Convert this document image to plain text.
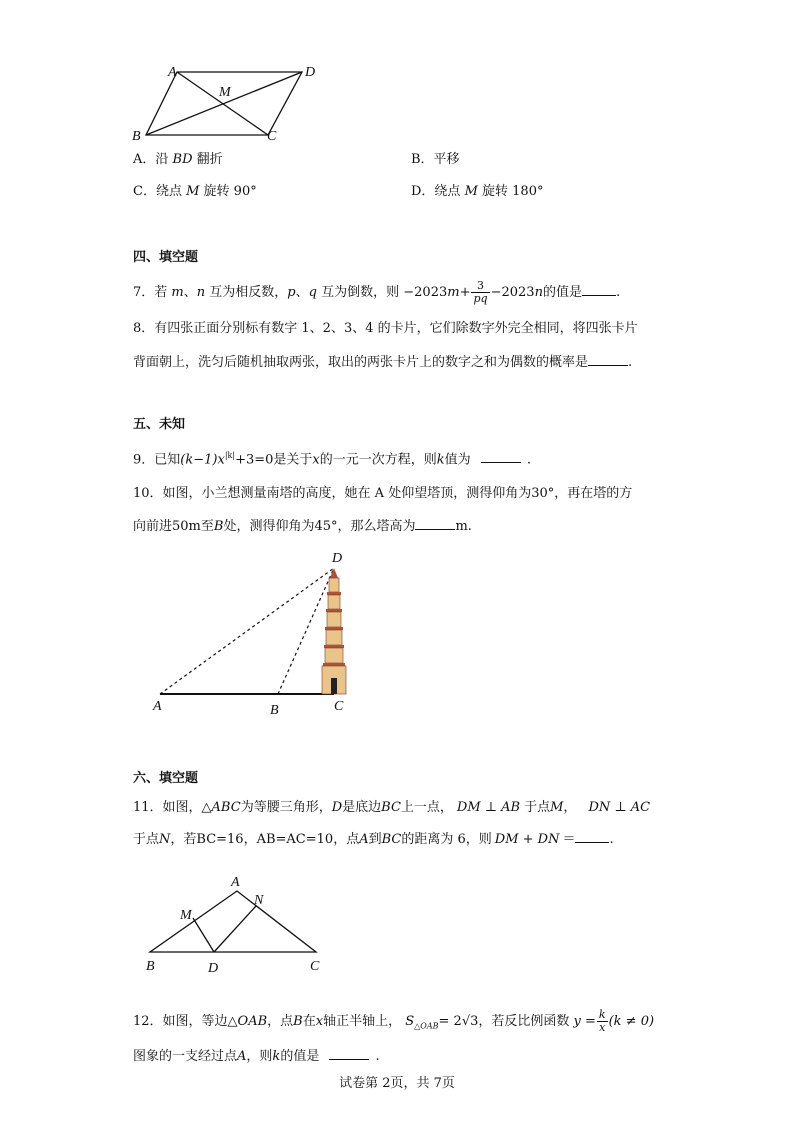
A	D
M
B	C
A．沿 BD 翻折	B．平移
C．绕点 M 旋转 90°	D．绕点 M 旋转 180°
四、填空题
7．若 m、n 互为相反数，p、q 互为倒数，则 $-2023m+ \frac{3}{pq} -2023n$的值是	.
8．有四张正面分别标有数字 1、2、3、4 的卡片，它们除数字外完全相同，将四张卡片
背面朝上，洗匀后随机抽取两张，取出的两张卡片上的数字之和为偶数的概率是	.
五、未知
9．已知$(k-1)x^{|k|}+3=0$是关于x的一元一次方程，则k值为	.
10．如图，小兰想测量南塔的高度，她在 A 处仰望塔顶，测得仰角为30°，再在塔的方
向前进50m至B处，测得仰角为45°，那么塔高为	m.
D
A	B	C
六、填空题
11．如图，△ABC为等腰三角形，D是底边BC上一点， DM ⊥ AB 于点M， DN ⊥ AC
于点N，若BC=16，AB=AC=10，点A到BC的距离为 6，则 DM + DN ＝	.
A
M
N
B	D	C
12．如图，等边△OAB，点B在x轴正半轴上， $S_{\triangle OAB}= 2√3$，若反比例函数 $y = \frac{k}{x} (k \ne 0)$
图象的一支经过点A，则k的值是	.
试卷第 2页，共 7页
